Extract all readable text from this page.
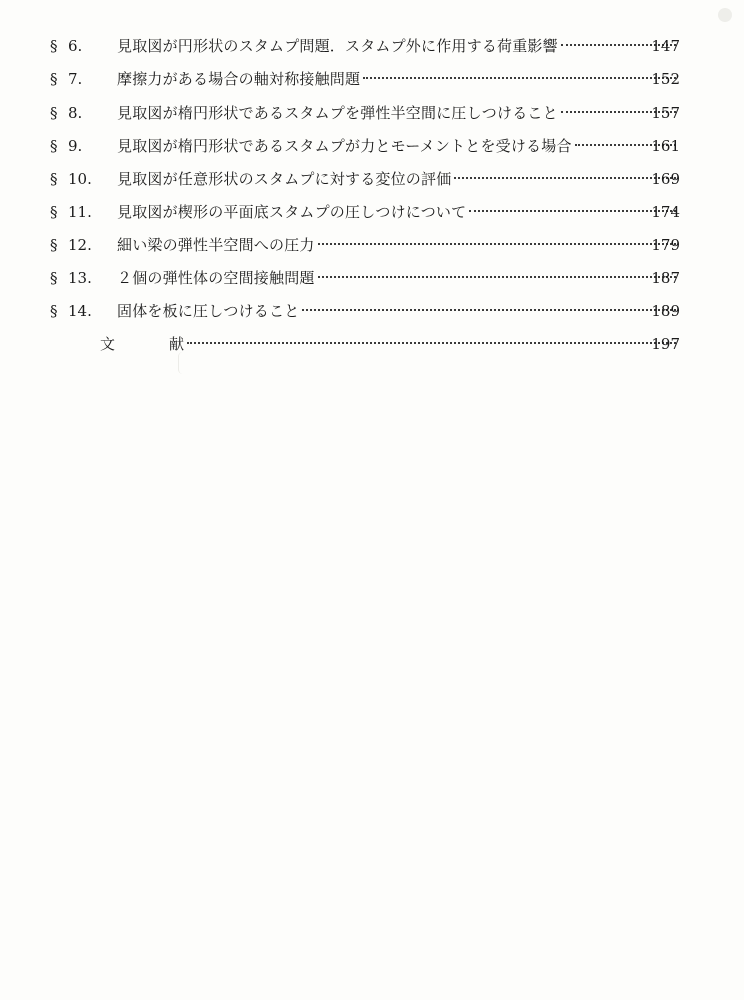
§ 6. 見取図が円形状のスタムプ問題．スタムプ外に作用する荷重影響	147
§ 7. 摩擦力がある場合の軸対称接触問題	152
§ 8. 見取図が楕円形状であるスタムプを弾性半空間に圧しつけること	157
§ 9. 見取図が楕円形状であるスタムプが力とモーメントとを受ける場合	161
§ 10. 見取図が任意形状のスタムプに対する変位の評価	169
§ 11. 見取図が楔形の平面底スタムプの圧しつけについて	174
§ 12. 細い梁の弾性半空間への圧力	179
§ 13. ２個の弾性体の空間接触問題	187
§ 14. 固体を板に圧しつけること	189
文	献	197
